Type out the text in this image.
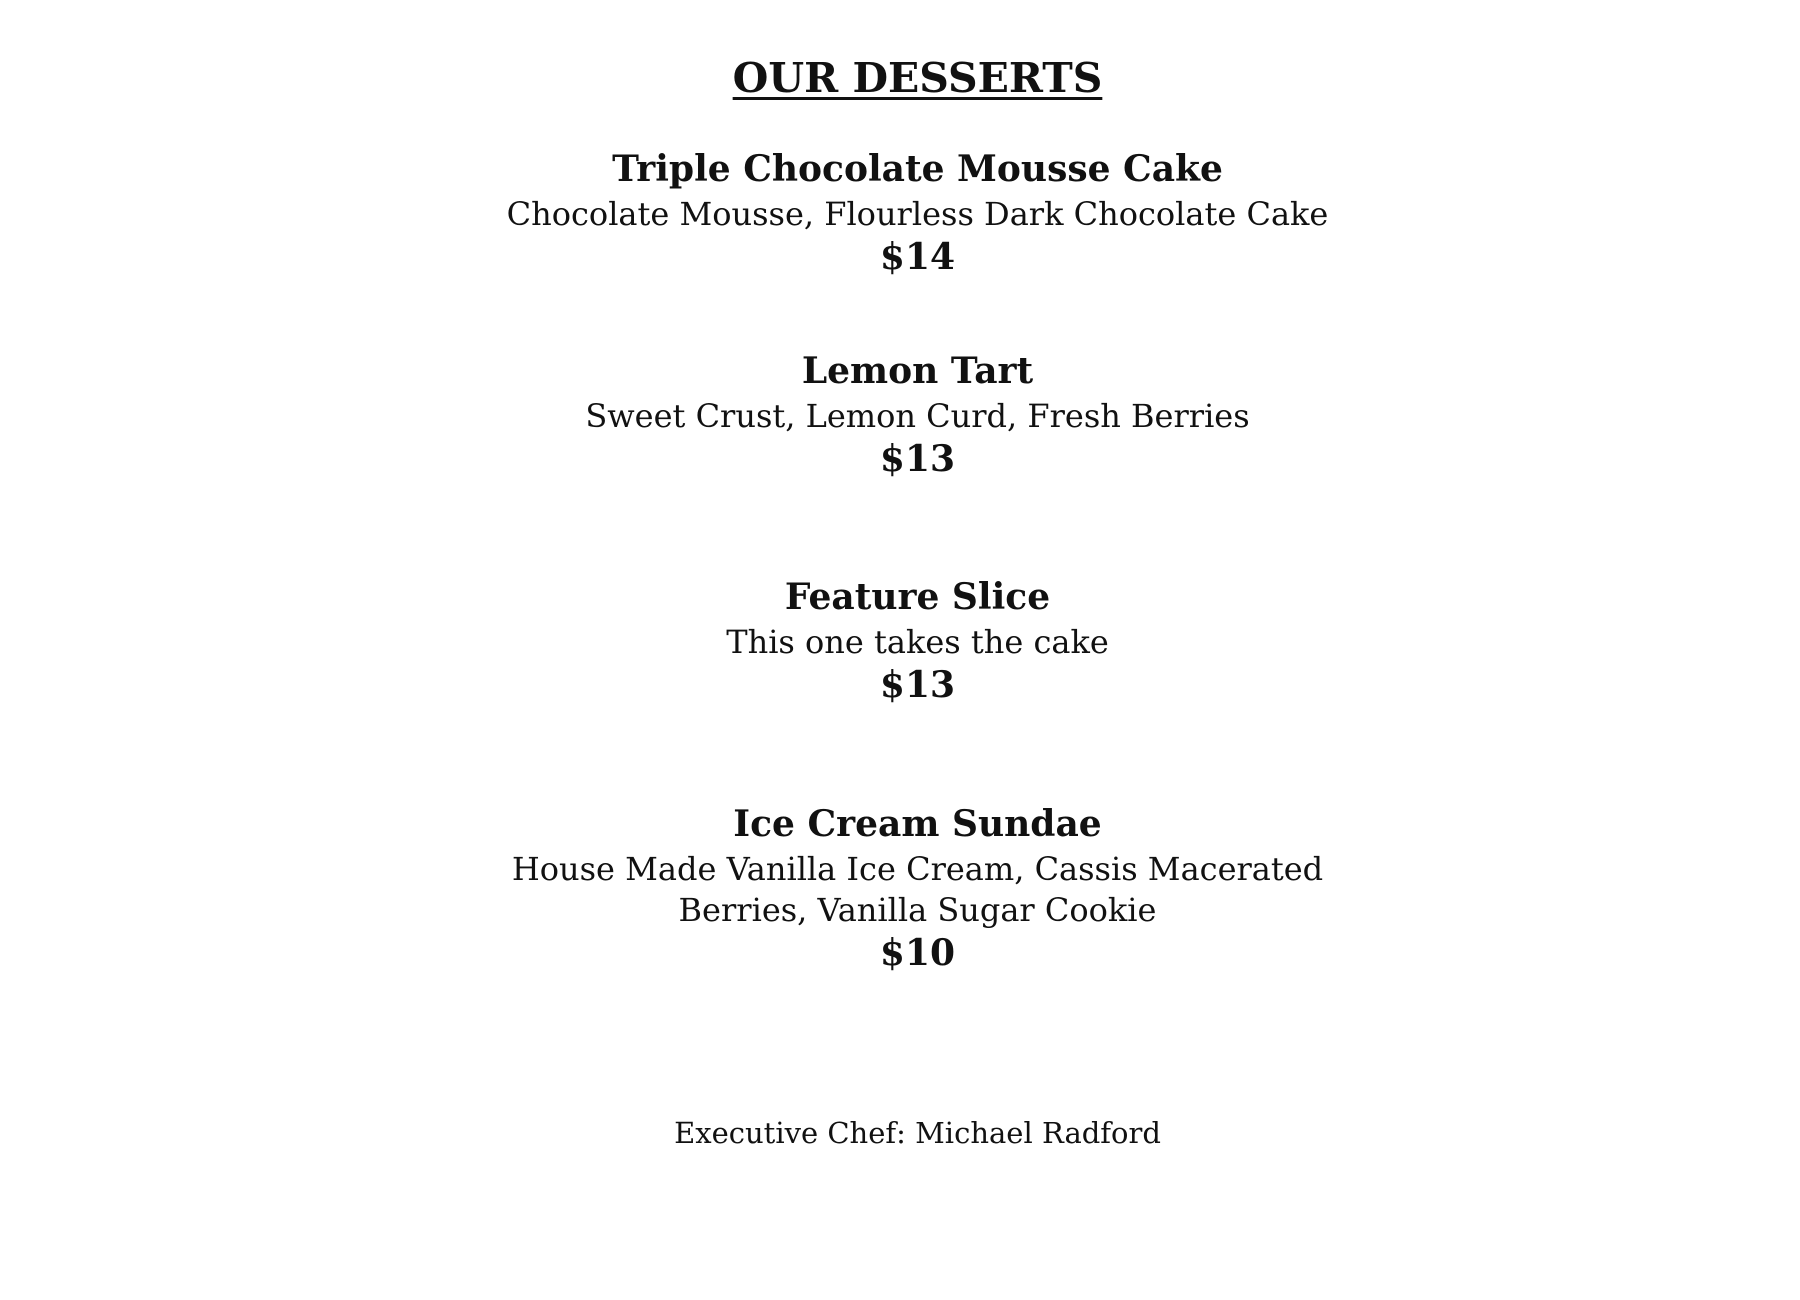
OUR DESSERTS
Triple Chocolate Mousse Cake
Chocolate Mousse, Flourless Dark Chocolate Cake
$14
Lemon Tart
Sweet Crust, Lemon Curd, Fresh Berries
$13
Feature Slice
This one takes the cake
$13
Ice Cream Sundae
House Made Vanilla Ice Cream, Cassis Macerated
Berries, Vanilla Sugar Cookie
$10
Executive Chef: Michael Radford
